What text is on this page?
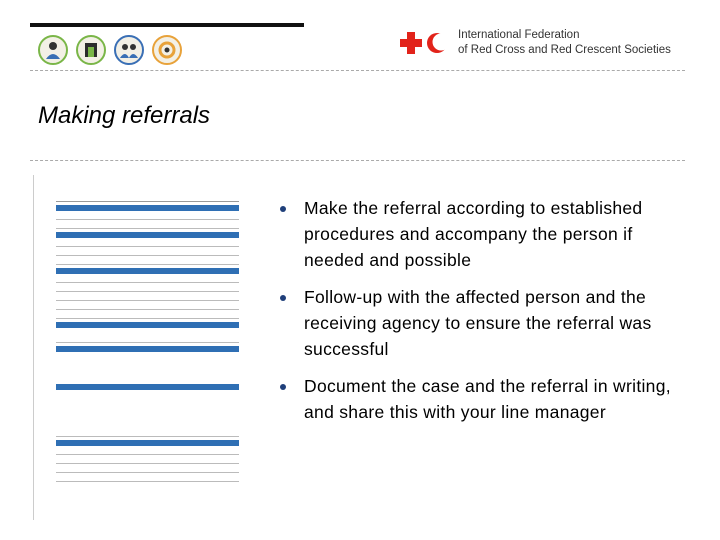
International Federation
of Red Cross and Red Crescent Societies
Making referrals

Make the referral according to established procedures and accompany the person if needed and possible
Follow-up with the affected person and the receiving agency to ensure the referral was successful
Document the case and the referral in writing, and share this with your line manager
